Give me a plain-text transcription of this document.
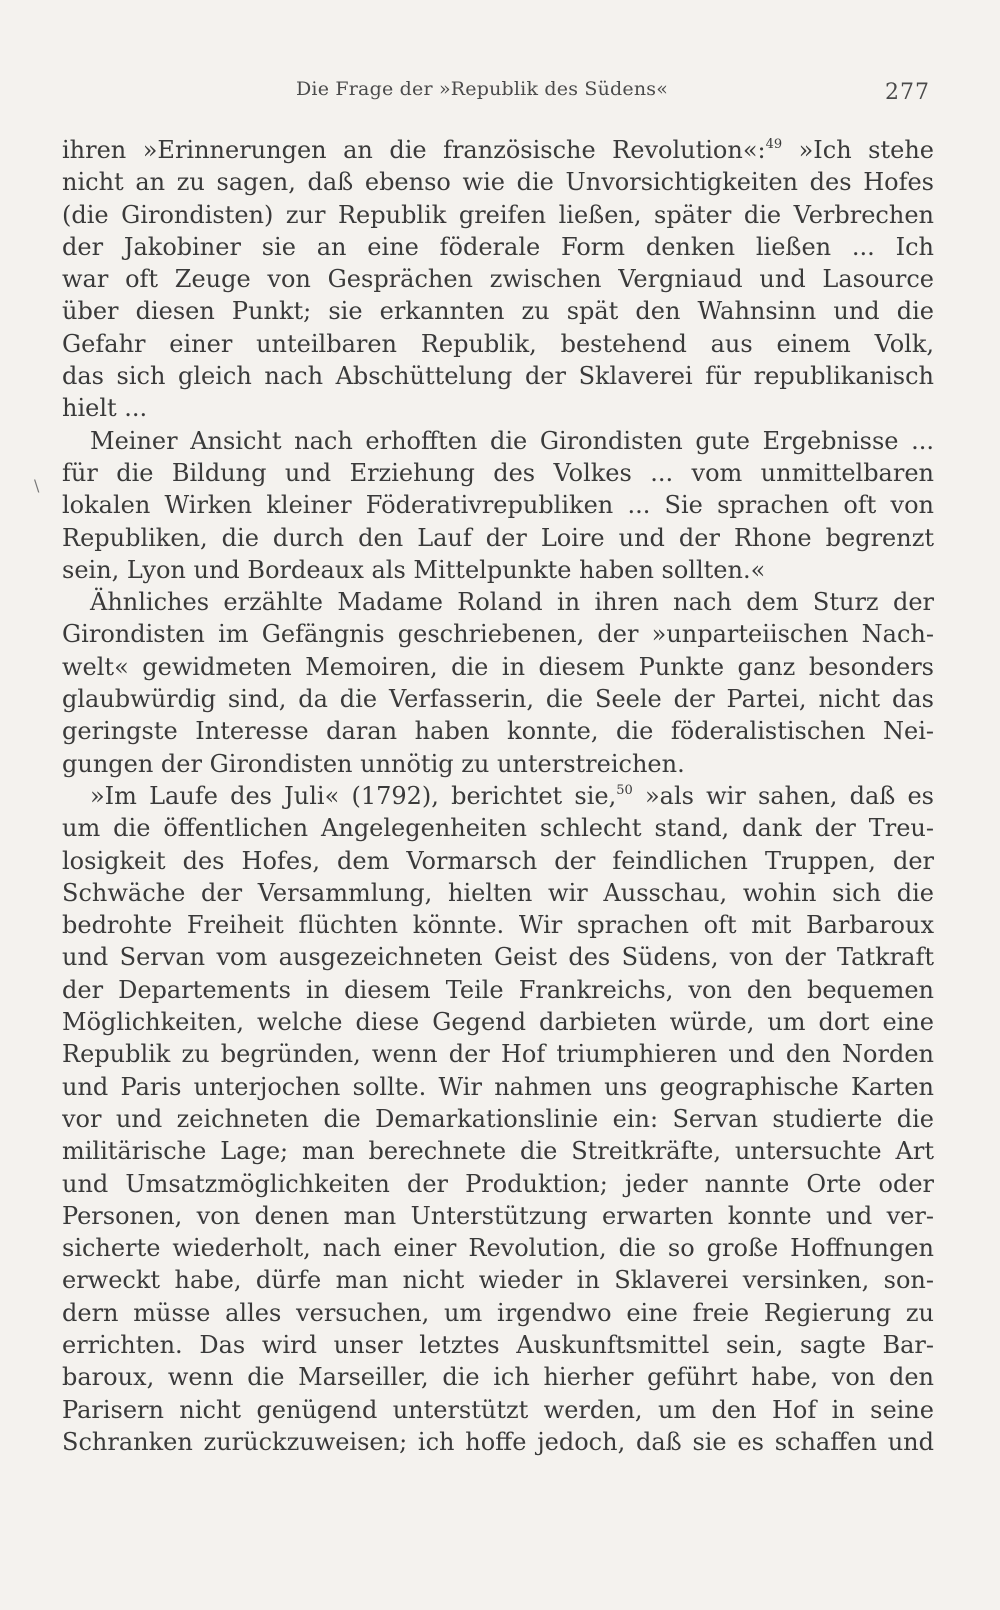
Die Frage der »Republik des Südens«	277
\
ihren »Erinnerungen an die französische Revolution«:$^{49}$ »Ich stehe
nicht an zu sagen, daß ebenso wie die Unvorsichtigkeiten des Hofes
(die Girondisten) zur Republik greifen ließen, später die Verbrechen
der Jakobiner sie an eine föderale Form denken ließen ... Ich
war oft Zeuge von Gesprächen zwischen Vergniaud und Lasource
über diesen Punkt; sie erkannten zu spät den Wahnsinn und die
Gefahr einer unteilbaren Republik, bestehend aus einem Volk,
das sich gleich nach Abschüttelung der Sklaverei für republikanisch
hielt ...
Meiner Ansicht nach erhofften die Girondisten gute Ergebnisse ...
für die Bildung und Erziehung des Volkes ... vom unmittelbaren
lokalen Wirken kleiner Föderativrepubliken ... Sie sprachen oft von
Republiken, die durch den Lauf der Loire und der Rhone begrenzt
sein, Lyon und Bordeaux als Mittelpunkte haben sollten.«
Ähnliches erzählte Madame Roland in ihren nach dem Sturz der
Girondisten im Gefängnis geschriebenen, der »unparteiischen Nach-
welt« gewidmeten Memoiren, die in diesem Punkte ganz besonders
glaubwürdig sind, da die Verfasserin, die Seele der Partei, nicht das
geringste Interesse daran haben konnte, die föderalistischen Nei-
gungen der Girondisten unnötig zu unterstreichen.
»Im Laufe des Juli« (1792), berichtet sie,$^{50}$ »als wir sahen, daß es
um die öffentlichen Angelegenheiten schlecht stand, dank der Treu-
losigkeit des Hofes, dem Vormarsch der feindlichen Truppen, der
Schwäche der Versammlung, hielten wir Ausschau, wohin sich die
bedrohte Freiheit flüchten könnte. Wir sprachen oft mit Barbaroux
und Servan vom ausgezeichneten Geist des Südens, von der Tatkraft
der Departements in diesem Teile Frankreichs, von den bequemen
Möglichkeiten, welche diese Gegend darbieten würde, um dort eine
Republik zu begründen, wenn der Hof triumphieren und den Norden
und Paris unterjochen sollte. Wir nahmen uns geographische Karten
vor und zeichneten die Demarkationslinie ein: Servan studierte die
militärische Lage; man berechnete die Streitkräfte, untersuchte Art
und Umsatzmöglichkeiten der Produktion; jeder nannte Orte oder
Personen, von denen man Unterstützung erwarten konnte und ver-
sicherte wiederholt, nach einer Revolution, die so große Hoffnungen
erweckt habe, dürfe man nicht wieder in Sklaverei versinken, son-
dern müsse alles versuchen, um irgendwo eine freie Regierung zu
errichten. Das wird unser letztes Auskunftsmittel sein, sagte Bar-
baroux, wenn die Marseiller, die ich hierher geführt habe, von den
Parisern nicht genügend unterstützt werden, um den Hof in seine
Schranken zurückzuweisen; ich hoffe jedoch, daß sie es schaffen und
